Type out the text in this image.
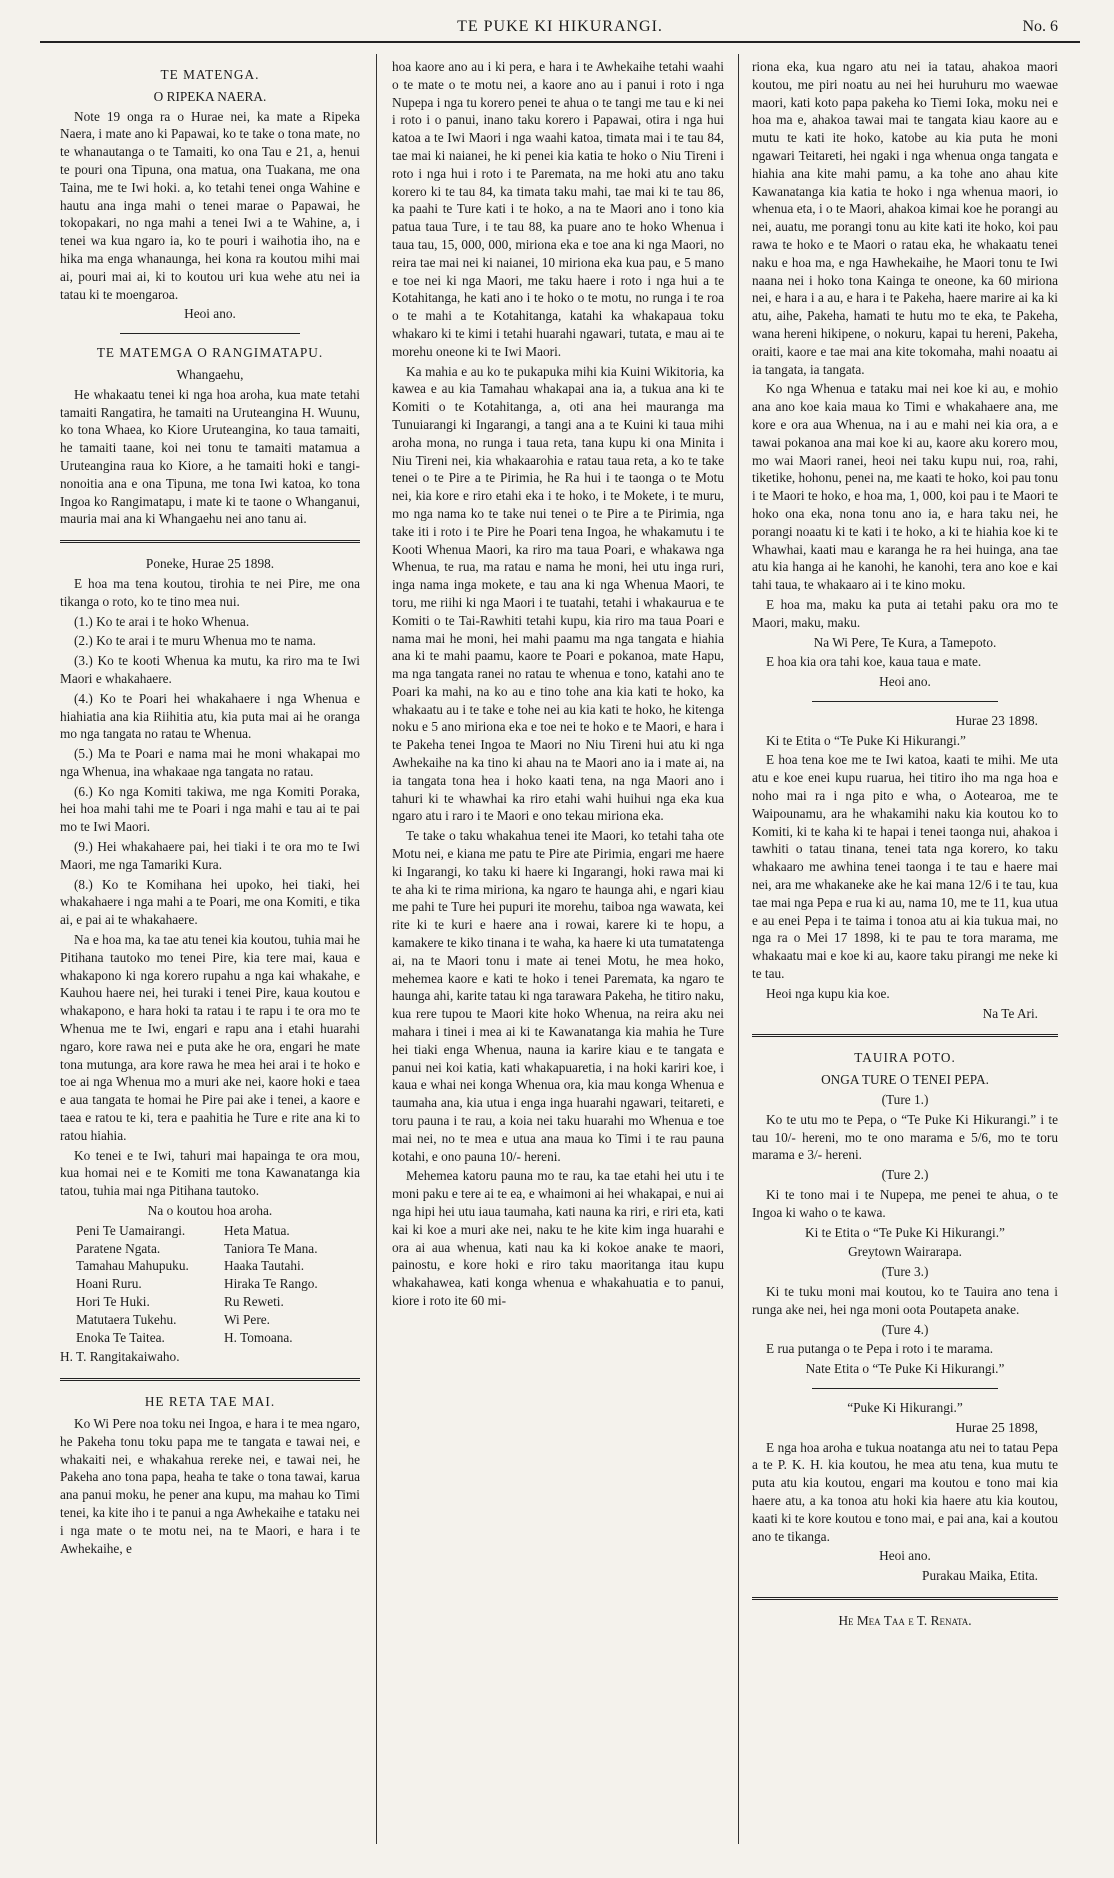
TE PUKE KI HIKURANGI.	No. 6

TE MATENGA.

O RIPEKA NAERA.

Note 19 onga ra o Hurae nei, ka mate a Ripeka Naera, i mate ano ki Papawai, ko te take o tona mate, no te whanautanga o te Tamaiti, ko ona Tau e 21, a, henui te pouri ona Tipuna, ona matua, ona Tuakana, me ona Taina, me te Iwi hoki. a, ko tetahi tenei onga Wahine e hautu ana inga mahi o tenei marae o Papawai, he tokopakari, no nga mahi a tenei Iwi a te Wahine, a, i tenei wa kua ngaro ia, ko te pouri i waihotia iho, na e hika ma enga whanaunga, hei kona ra koutou mihi mai ai, pouri mai ai, ki to koutou uri kua wehe atu nei ia tatau ki te moengaroa.

Heoi ano.

TE MATEMGA O RANGIMATAPU.

Whangaehu,

He whakaatu tenei ki nga hoa aroha, kua mate tetahi tamaiti Rangatira, he tamaiti na Uruteangina H. Wuunu, ko tona Whaea, ko Kiore Uruteangina, ko taua tamaiti, he tamaiti taane, koi nei tonu te tamaiti matamua a Uruteangina raua ko Kiore, a he tamaiti hoki e tangi-nonoitia ana e ona Tipuna, me tona Iwi katoa, ko tona Ingoa ko Rangimatapu, i mate ki te taone o Whanganui, mauria mai ana ki Whangaehu nei ano tanu ai.

Poneke, Hurae 25 1898.

E hoa ma tena koutou, tirohia te nei Pire, me ona tikanga o roto, ko te tino mea nui.

(1.) Ko te arai i te hoko Whenua.

(2.) Ko te arai i te muru Whenua mo te nama.

(3.) Ko te kooti Whenua ka mutu, ka riro ma te Iwi Maori e whakahaere.

(4.) Ko te Poari hei whakahaere i nga Whenua e hiahiatia ana kia Riihitia atu, kia puta mai ai he oranga mo nga tangata no ratau te Whenua.

(5.) Ma te Poari e nama mai he moni whakapai mo nga Whenua, ina whakaae nga tangata no ratau.

(6.) Ko nga Komiti takiwa, me nga Komiti Poraka, hei hoa mahi tahi me te Poari i nga mahi e tau ai te pai mo te Iwi Maori.

(9.) Hei whakahaere pai, hei tiaki i te ora mo te Iwi Maori, me nga Tamariki Kura.

(8.) Ko te Komihana hei upoko, hei tiaki, hei whakahaere i nga mahi a te Poari, me ona Komiti, e tika ai, e pai ai te whakahaere.

Na e hoa ma, ka tae atu tenei kia koutou, tuhia mai he Pitihana tautoko mo tenei Pire, kia tere mai, kaua e whakapono ki nga korero rupahu a nga kai whakahe, e Kauhou haere nei, hei turaki i tenei Pire, kaua koutou e whakapono, e hara hoki ta ratau i te rapu i te ora mo te Whenua me te Iwi, engari e rapu ana i etahi huarahi ngaro, kore rawa nei e puta ake he ora, engari he mate tona mutunga, ara kore rawa he mea hei arai i te hoko e toe ai nga Whenua mo a muri ake nei, kaore hoki e taea e aua tangata te homai he Pire pai ake i tenei, a kaore e taea e ratou te ki, tera e paahitia he Ture e rite ana ki to ratou hiahia.

Ko tenei e te Iwi, tahuri mai hapainga te ora mou, kua homai nei e te Komiti me tona Kawanatanga kia tatou, tuhia mai nga Pitihana tautoko.

Na o koutou hoa aroha.

Peni Te Uamairangi.	Heta Matua.
Paratene Ngata.	Taniora Te Mana.
Tamahau Mahupuku.	Haaka Tautahi.
Hoani Ruru.	Hiraka Te Rango.
Hori Te Huki.	Ru Reweti.
Matutaera Tukehu.	Wi Pere.
Enoka Te Taitea.	H. Tomoana.

H. T. Rangitakaiwaho.

HE RETA TAE MAI.

Ko Wi Pere noa toku nei Ingoa, e hara i te mea ngaro, he Pakeha tonu toku papa me te tangata e tawai nei, e whakaiti nei, e whakahua rereke nei, e tawai nei, he Pakeha ano tona papa, heaha te take o tona tawai, karua ana panui moku, he pener ana kupu, ma mahau ko Timi tenei, ka kite iho i te panui a nga Awhekaihe e tataku nei i nga mate o te motu nei, na te Maori, e hara i te Awhekaihe, e

hoa kaore ano au i ki pera, e hara i te Awhekaihe tetahi waahi o te mate o te motu nei, a kaore ano au i panui i roto i nga Nupepa i nga tu korero penei te ahua o te tangi me tau e ki nei i roto i o panui, inano taku korero i Papawai, otira i nga hui katoa a te Iwi Maori i nga waahi katoa, timata mai i te tau 84, tae mai ki naianei, he ki penei kia katia te hoko o Niu Tireni i roto i nga hui i roto i te Paremata, na me hoki atu ano taku korero ki te tau 84, ka timata taku mahi, tae mai ki te tau 86, ka paahi te Ture kati i te hoko, a na te Maori ano i tono kia patua taua Ture, i te tau 88, ka puare ano te hoko Whenua i taua tau, 15, 000, 000, miriona eka e toe ana ki nga Maori, no reira tae mai nei ki naianei, 10 miriona eka kua pau, e 5 mano e toe nei ki nga Maori, me taku haere i roto i nga hui a te Kotahitanga, he kati ano i te hoko o te motu, no runga i te roa o te mahi a te Kotahitanga, katahi ka whakapaua toku whakaro ki te kimi i tetahi huarahi ngawari, tutata, e mau ai te morehu oneone ki te Iwi Maori.

Ka mahia e au ko te pukapuka mihi kia Kuini Wikitoria, ka kawea e au kia Tamahau whakapai ana ia, a tukua ana ki te Komiti o te Kotahitanga, a, oti ana hei mauranga ma Tunuiarangi ki Ingarangi, a tangi ana a te Kuini ki taua mihi aroha mona, no runga i taua reta, tana kupu ki ona Minita i Niu Tireni nei, kia whakaarohia e ratau taua reta, a ko te take tenei o te Pire a te Pirimia, he Ra hui i te taonga o te Motu nei, kia kore e riro etahi eka i te hoko, i te Mokete, i te muru, mo nga nama ko te take nui tenei o te Pire a te Pirimia, nga take iti i roto i te Pire he Poari tena Ingoa, he whakamutu i te Kooti Whenua Maori, ka riro ma taua Poari, e whakawa nga Whenua, te rua, ma ratau e nama he moni, hei utu inga ruri, inga nama inga mokete, e tau ana ki nga Whenua Maori, te toru, me riihi ki nga Maori i te tuatahi, tetahi i whakaurua e te Komiti o te Tai-Rawhiti tetahi kupu, kia riro ma taua Poari e nama mai he moni, hei mahi paamu ma nga tangata e hiahia ana ki te mahi paamu, kaore te Poari e pokanoa, mate Hapu, ma nga tangata ranei no ratau te whenua e tono, katahi ano te Poari ka mahi, na ko au e tino tohe ana kia kati te hoko, ka whakaatu au i te take e tohe nei au kia kati te hoko, he kitenga noku e 5 ano miriona eka e toe nei te hoko e te Maori, e hara i te Pakeha tenei Ingoa te Maori no Niu Tireni hui atu ki nga Awhekaihe na ka tino ki ahau na te Maori ano ia i mate ai, na ia tangata tona hea i hoko kaati tena, na nga Maori ano i tahuri ki te whawhai ka riro etahi wahi huihui nga eka kua ngaro atu i raro i te Maori e ono tekau miriona eka.

Te take o taku whakahua tenei ite Maori, ko tetahi taha ote Motu nei, e kiana me patu te Pire ate Pirimia, engari me haere ki Ingarangi, ko taku ki haere ki Ingarangi, hoki rawa mai ki te aha ki te rima miriona, ka ngaro te haunga ahi, e ngari kiau me pahi te Ture hei pupuri ite morehu, taiboa nga wawata, kei rite ki te kuri e haere ana i rowai, karere ki te hopu, a kamakere te kiko tinana i te waha, ka haere ki uta tumatatenga ai, na te Maori tonu i mate ai tenei Motu, he mea hoko, mehemea kaore e kati te hoko i tenei Paremata, ka ngaro te haunga ahi, karite tatau ki nga tarawara Pakeha, he titiro naku, kua rere tupou te Maori kite hoko Whenua, na reira aku nei mahara i tinei i mea ai ki te Kawanatanga kia mahia he Ture hei tiaki enga Whenua, nauna ia karire kiau e te tangata e panui nei koi katia, kati whakapuaretia, i na hoki kariri koe, i kaua e whai nei konga Whenua ora, kia mau konga Whenua e taumaha ana, kia utua i enga inga huarahi ngawari, teitareti, e toru pauna i te rau, a koia nei taku huarahi mo Whenua e toe mai nei, no te mea e utua ana maua ko Timi i te rau pauna kotahi, e ono pauna 10/- hereni.

Mehemea katoru pauna mo te rau, ka tae etahi hei utu i te moni paku e tere ai te ea, e whaimoni ai hei whakapai, e nui ai nga hipi hei utu iaua taumaha, kati nauna ka riri, e riri eta, kati kai ki koe a muri ake nei, naku te he kite kim inga huarahi e ora ai aua whenua, kati nau ka ki kokoe anake te maori, painostu, e kore hoki e riro taku maoritanga itau kupu whakahawea, kati konga whenua e whakahuatia e to panui, kiore i roto ite 60 mi-

riona eka, kua ngaro atu nei ia tatau, ahakoa maori koutou, me piri noatu au nei hei huruhuru mo waewae maori, kati koto papa pakeha ko Tiemi Ioka, moku nei e hoa ma e, ahakoa tawai mai te tangata kiau kaore au e mutu te kati ite hoko, katobe au kia puta he moni ngawari Teitareti, hei ngaki i nga whenua onga tangata e hiahia ana kite mahi pamu, a ka tohe ano ahau kite Kawanatanga kia katia te hoko i nga whenua maori, io whenua eta, i o te Maori, ahakoa kimai koe he porangi au nei, auatu, me porangi tonu au kite kati ite hoko, koi pau rawa te hoko e te Maori o ratau eka, he whakaatu tenei naku e hoa ma, e nga Hawhekaihe, he Maori tonu te Iwi naana nei i hoko tona Kainga te oneone, ka 60 miriona nei, e hara i a au, e hara i te Pakeha, haere marire ai ka ki atu, aihe, Pakeha, hamati te hutu mo te eka, te Pakeha, wana hereni hikipene, o nokuru, kapai tu hereni, Pakeha, oraiti, kaore e tae mai ana kite tokomaha, mahi noaatu ai ia tangata, ia tangata.

Ko nga Whenua e tataku mai nei koe ki au, e mohio ana ano koe kaia maua ko Timi e whakahaere ana, me kore e ora aua Whenua, na i au e mahi nei kia ora, a e tawai pokanoa ana mai koe ki au, kaore aku korero mou, mo wai Maori ranei, heoi nei taku kupu nui, roa, rahi, tiketike, hohonu, penei na, me kaati te hoko, koi pau tonu i te Maori te hoko, e hoa ma, 1, 000, koi pau i te Maori te hoko ona eka, nona tonu ano ia, e hara taku nei, he porangi noaatu ki te kati i te hoko, a ki te hiahia koe ki te Whawhai, kaati mau e karanga he ra hei huinga, ana tae atu kia hanga ai he kanohi, he kanohi, tera ano koe e kai tahi taua, te whakaaro ai i te kino moku.

E hoa ma, maku ka puta ai tetahi paku ora mo te Maori, maku, maku.

Na Wi Pere, Te Kura, a Tamepoto.

E hoa kia ora tahi koe, kaua taua e mate.

Heoi ano.

Hurae 23 1898.

Ki te Etita o “Te Puke Ki Hikurangi.”

E hoa tena koe me te Iwi katoa, kaati te mihi. Me uta atu e koe enei kupu ruarua, hei titiro iho ma nga hoa e noho mai ra i nga pito e wha, o Aotearoa, me te Waipounamu, ara he whakamihi naku kia koutou ko to Komiti, ki te kaha ki te hapai i tenei taonga nui, ahakoa i tawhiti o tatau tinana, tenei tata nga korero, ko taku whakaaro me awhina tenei taonga i te tau e haere mai nei, ara me whakaneke ake he kai mana 12/6 i te tau, kua tae mai nga Pepa e rua ki au, nama 10, me te 11, kua utua e au enei Pepa i te taima i tonoa atu ai kia tukua mai, no nga ra o Mei 17 1898, ki te pau te tora marama, me whakaatu mai e koe ki au, kaore taku pirangi me neke ki te tau.

Heoi nga kupu kia koe.

Na Te Ari.

TAUIRA POTO.

ONGA TURE O TENEI PEPA.

(Ture 1.)

Ko te utu mo te Pepa, o “Te Puke Ki Hikurangi.” i te tau 10/- hereni, mo te ono marama e 5/6, mo te toru marama e 3/- hereni.

(Ture 2.)

Ki te tono mai i te Nupepa, me penei te ahua, o te Ingoa ki waho o te kawa.

Ki te Etita o “Te Puke Ki Hikurangi.”

Greytown Wairarapa.

(Ture 3.)

Ki te tuku moni mai koutou, ko te Tauira ano tena i runga ake nei, hei nga moni oota Poutapeta anake.

(Ture 4.)

E rua putanga o te Pepa i roto i te marama.

Nate Etita o “Te Puke Ki Hikurangi.”

“Puke Ki Hikurangi.”

Hurae 25 1898,

E nga hoa aroha e tukua noatanga atu nei to tatau Pepa a te P. K. H. kia koutou, he mea atu tena, kua mutu te puta atu kia koutou, engari ma koutou e tono mai kia haere atu, a ka tonoa atu hoki kia haere atu kia koutou, kaati ki te kore koutou e tono mai, e pai ana, kai a koutou ano te tikanga.

Heoi ano.

Purakau Maika, Etita.

He Mea Taa e T. Renata.
